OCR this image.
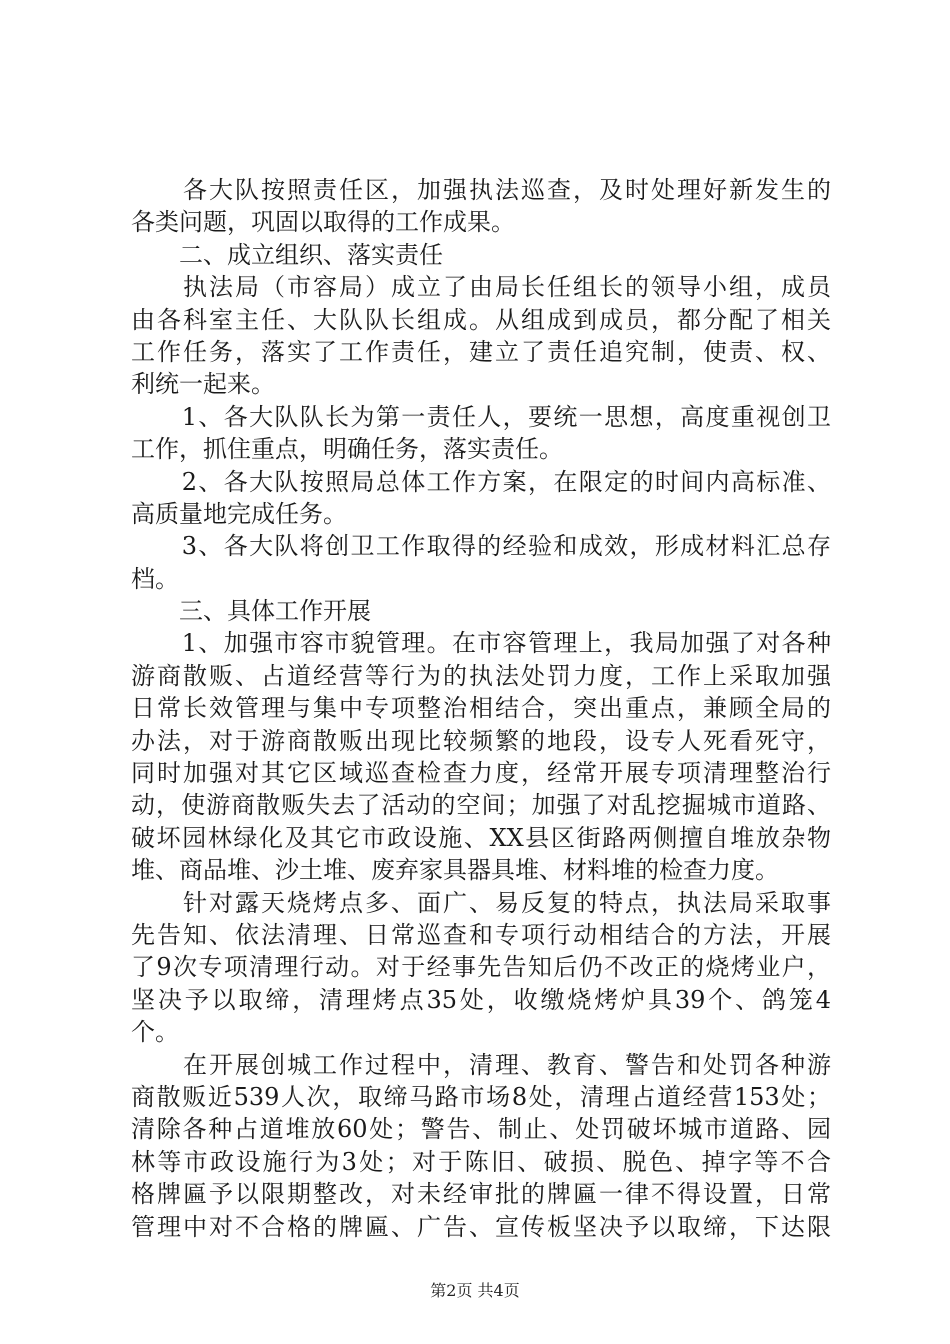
　　各大队按照责任区，加强执法巡查，及时处理好新发生的
各类问题，巩固以取得的工作成果。
　　二、成立组织、落实责任
　　执法局（市容局）成立了由局长任组长的领导小组，成员
由各科室主任、大队队长组成。从组成到成员，都分配了相关
工作任务，落实了工作责任，建立了责任追究制，使责、权、
利统一起来。
　　1、各大队队长为第一责任人，要统一思想，高度重视创卫
工作，抓住重点，明确任务，落实责任。
　　2、各大队按照局总体工作方案，在限定的时间内高标准、
高质量地完成任务。
　　3、各大队将创卫工作取得的经验和成效，形成材料汇总存
档。
　　三、具体工作开展
　　1、加强市容市貌管理。在市容管理上，我局加强了对各种
游商散贩、占道经营等行为的执法处罚力度，工作上采取加强
日常长效管理与集中专项整治相结合，突出重点，兼顾全局的
办法，对于游商散贩出现比较频繁的地段，设专人死看死守，
同时加强对其它区域巡查检查力度，经常开展专项清理整治行
动，使游商散贩失去了活动的空间；加强了对乱挖掘城市道路、
破坏园林绿化及其它市政设施、XX县区街路两侧擅自堆放杂物
堆、商品堆、沙土堆、废弃家具器具堆、材料堆的检查力度。
　　针对露天烧烤点多、面广、易反复的特点，执法局采取事
先告知、依法清理、日常巡查和专项行动相结合的方法，开展
了9次专项清理行动。对于经事先告知后仍不改正的烧烤业户，
坚决予以取缔，清理烤点35处，收缴烧烤炉具39个、鸽笼4
个。
　　在开展创城工作过程中，清理、教育、警告和处罚各种游
商散贩近539人次，取缔马路市场8处，清理占道经营153处；
清除各种占道堆放60处；警告、制止、处罚破坏城市道路、园
林等市政设施行为3处；对于陈旧、破损、脱色、掉字等不合
格牌匾予以限期整改，对未经审批的牌匾一律不得设置，日常
管理中对不合格的牌匾、广告、宣传板坚决予以取缔，下达限
第2页 共4页
